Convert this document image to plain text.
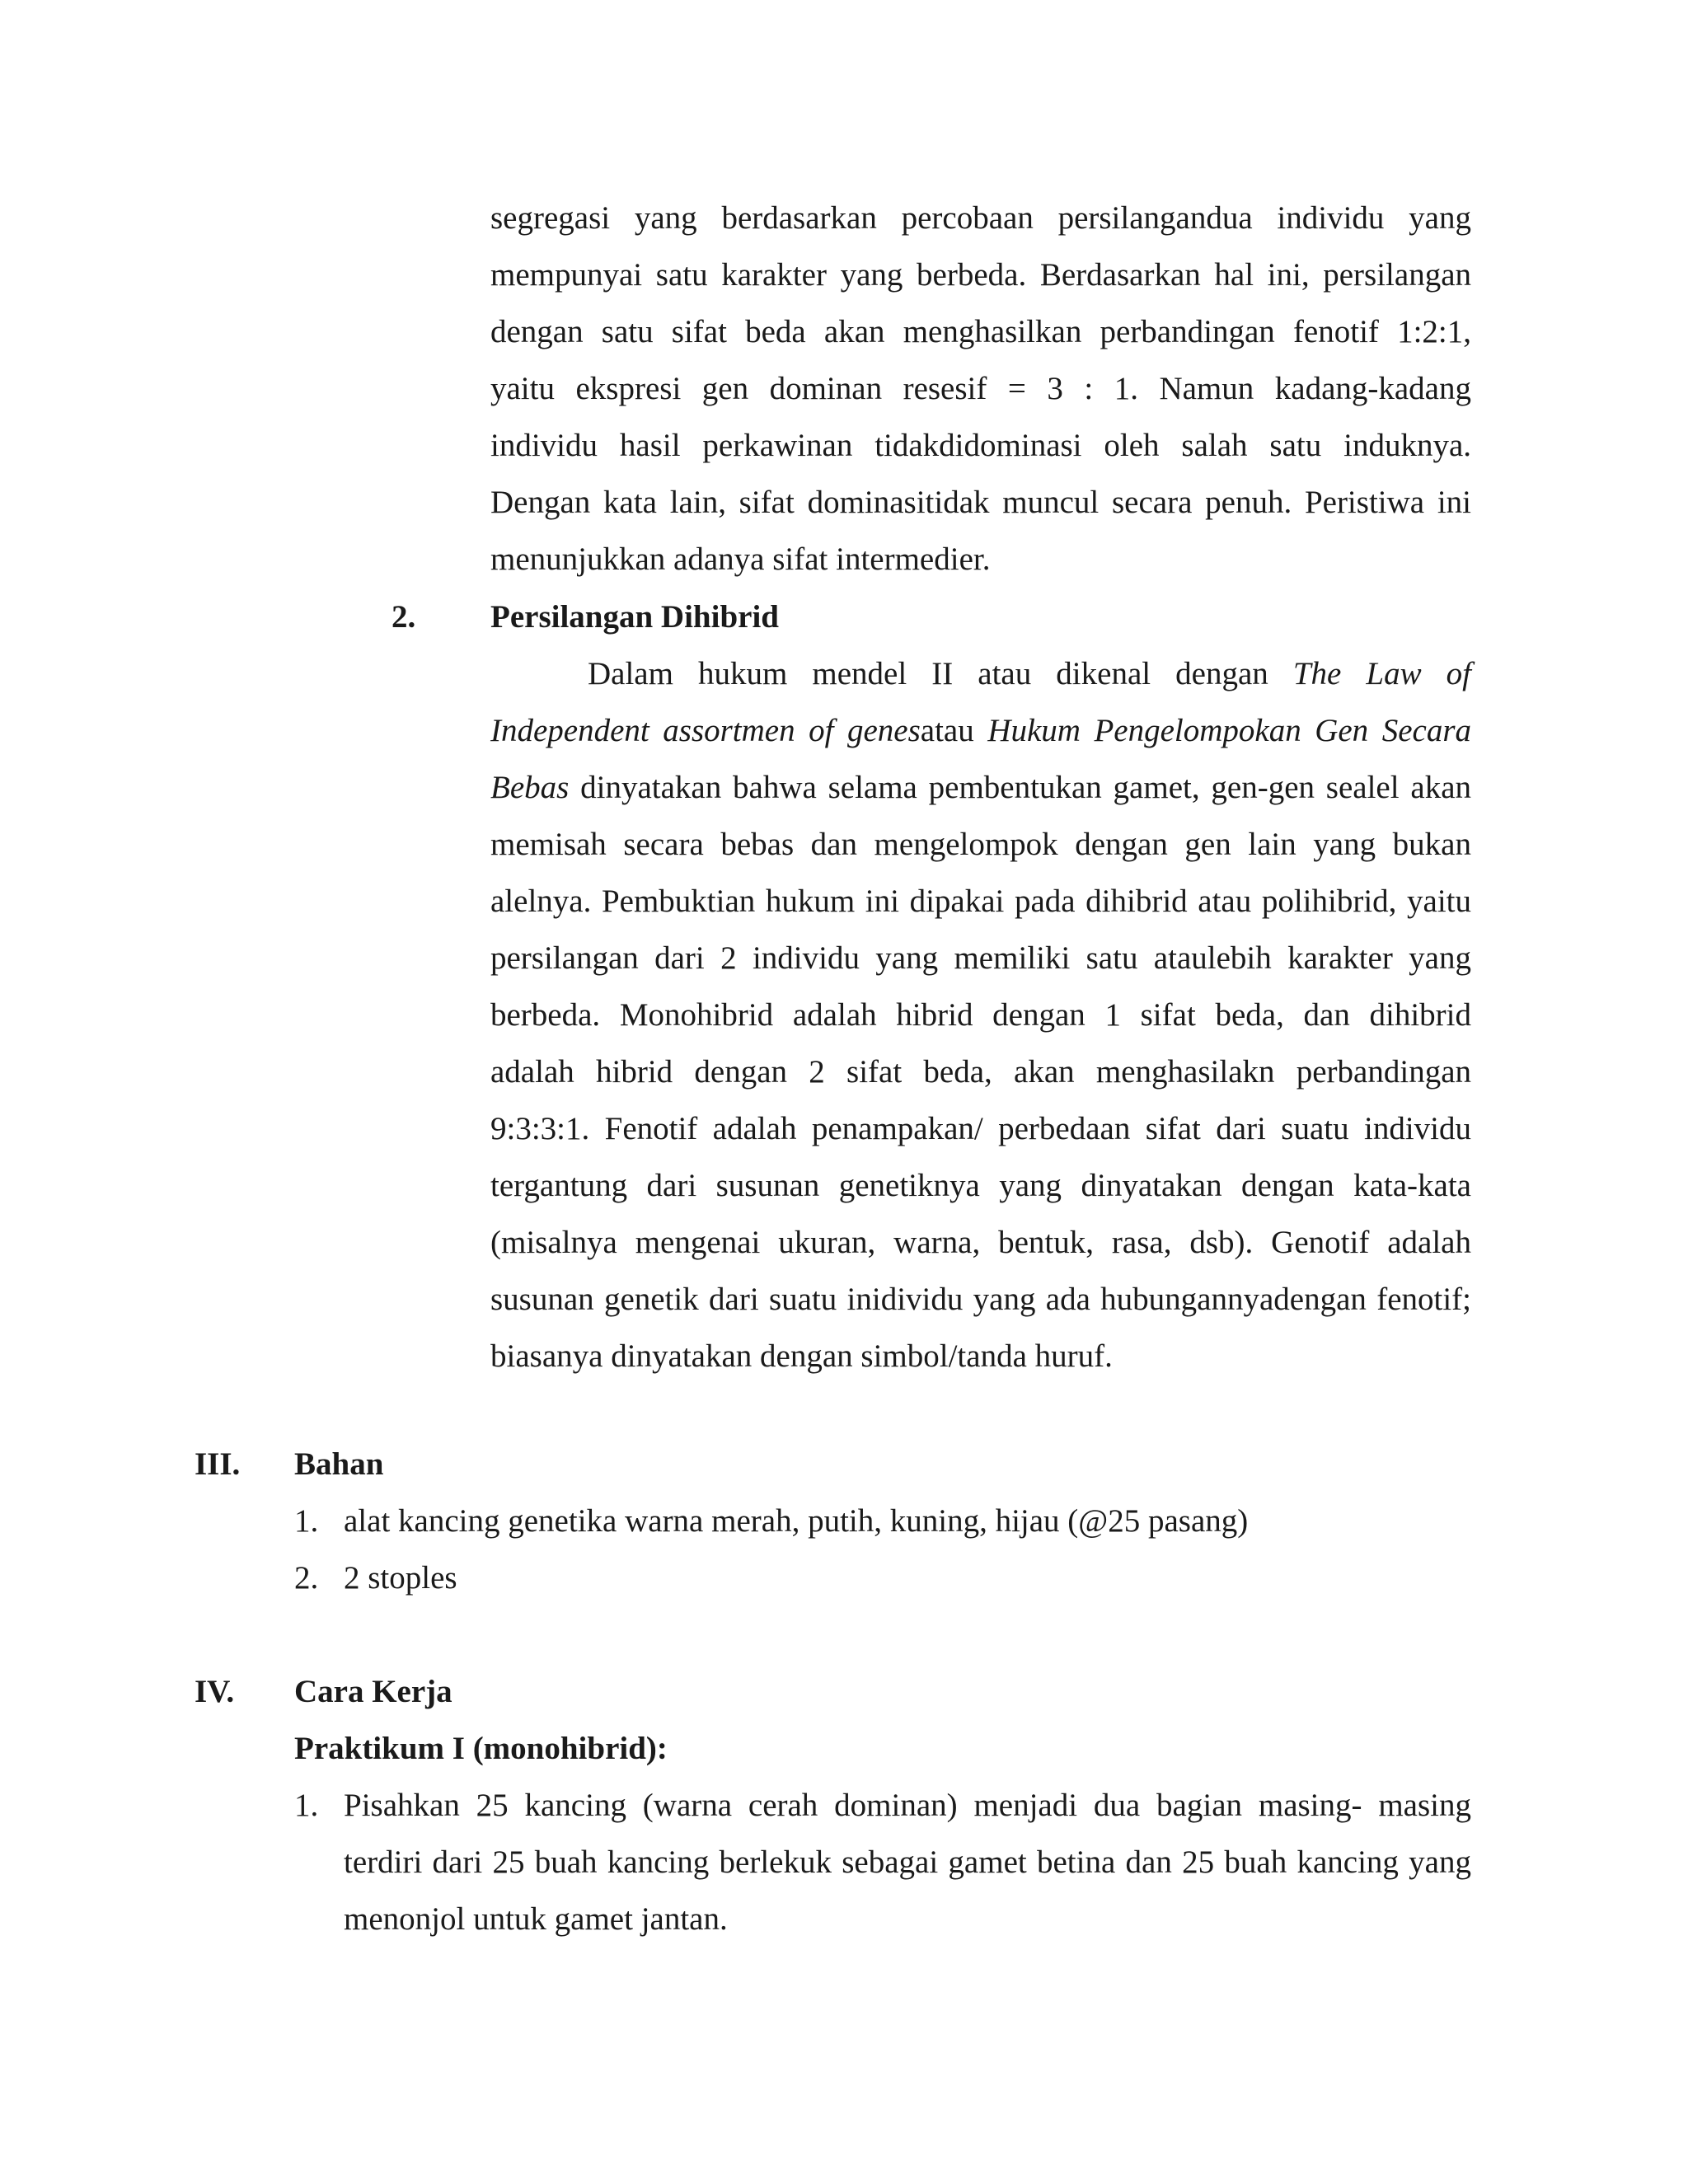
segregasi yang berdasarkan percobaan persilangandua individu yang
mempunyai satu karakter yang berbeda. Berdasarkan hal ini, persilangan
dengan satu sifat beda akan menghasilkan perbandingan fenotif 1:2:1,
yaitu ekspresi gen dominan resesif = 3 : 1. Namun kadang-kadang
individu hasil perkawinan tidakdidominasi oleh salah satu induknya.
Dengan kata lain, sifat dominasitidak muncul secara penuh. Peristiwa ini
menunjukkan adanya sifat intermedier.
2. Persilangan Dihibrid
Dalam hukum mendel II atau dikenal dengan The Law of
Independent assortmen of genesatau Hukum Pengelompokan Gen Secara
Bebas dinyatakan bahwa selama pembentukan gamet, gen-gen sealel akan
memisah secara bebas dan mengelompok dengan gen lain yang bukan
alelnya. Pembuktian hukum ini dipakai pada dihibrid atau polihibrid, yaitu
persilangan dari 2 individu yang memiliki satu ataulebih karakter yang
berbeda. Monohibrid adalah hibrid dengan 1 sifat beda, dan dihibrid
adalah hibrid dengan 2 sifat beda, akan menghasilakn perbandingan
9:3:3:1. Fenotif adalah penampakan/ perbedaan sifat dari suatu individu
tergantung dari susunan genetiknya yang dinyatakan dengan kata-kata
(misalnya mengenai ukuran, warna, bentuk, rasa, dsb). Genotif adalah
susunan genetik dari suatu inidividu yang ada hubungannyadengan fenotif;
biasanya dinyatakan dengan simbol/tanda huruf.
III. Bahan
1. alat kancing genetika warna merah, putih, kuning, hijau (@25 pasang)
2. 2 stoples
IV. Cara Kerja
Praktikum I (monohibrid):
1. Pisahkan 25 kancing (warna cerah dominan) menjadi dua bagian masing- masing
terdiri dari 25 buah kancing berlekuk sebagai gamet betina dan 25 buah kancing yang
menonjol untuk gamet jantan.
